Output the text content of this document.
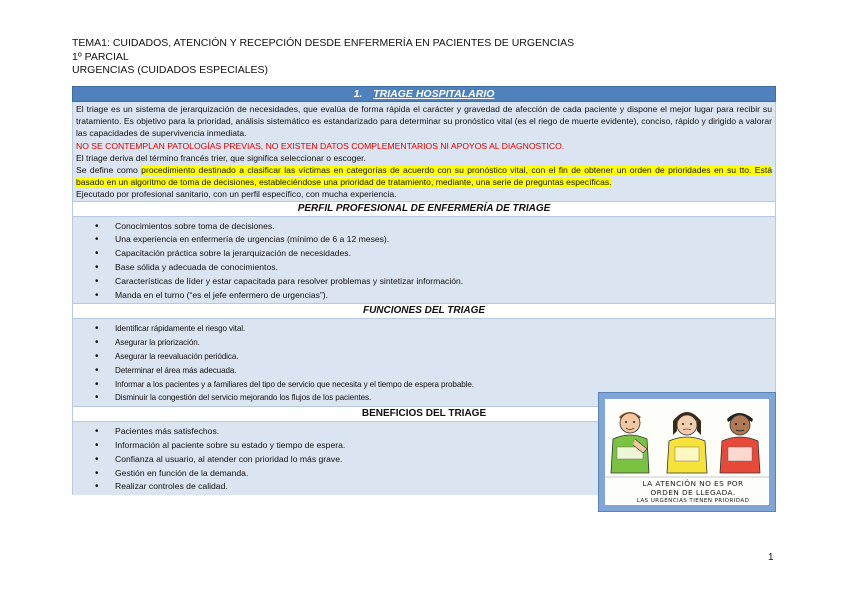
TEMA1: CUIDADOS, ATENCIÓN Y RECEPCIÓN DESDE ENFERMERÍA EN PACIENTES DE URGENCIAS
1º PARCIAL
URGENCIAS (CUIDADOS ESPECIALES)
1. TRIAGE HOSPITALARIO

El triage es un sistema de jerarquización de necesidades, que evalúa de forma rápida el carácter y gravedad de afección de cada paciente y dispone el mejor lugar para recibir su tratamiento. Es objetivo para la prioridad, análisis sistemático es estandarizado para determinar su pronóstico vital (es el riego de muerte evidente), conciso, rápido y dirigido a valorar las capacidades de supervivencia inmediata.

NO SE CONTEMPLAN PATOLOGÍAS PREVIAS, NO EXISTEN DATOS COMPLEMENTARIOS NI APOYOS AL DIAGNOSTICO.

El triage deriva del término francés trier, que significa seleccionar o escoger.

Se define como procedimiento destinado a clasificar las víctimas en categorías de acuerdo con su pronóstico vital, con el fin de obtener un orden de prioridades en su tto. Está basado en un algoritmo de toma de decisiones, estableciéndose una prioridad de tratamiento, mediante, una serie de preguntas específicas.

Ejecutado por profesional sanitario, con un perfil específico, con mucha experiencia.

PERFIL PROFESIONAL DE ENFERMERÍA DE TRIAGE
• Conocimientos sobre toma de decisiones.
• Una experiencia en enfermería de urgencias (mínimo de 6 a 12 meses).
• Capacitación práctica sobre la jerarquización de necesidades.
• Base sólida y adecuada de conocimientos.
• Características de líder y estar capacitada para resolver problemas y sintetizar información.
• Manda en el turno (“es el jefe enfermero de urgencias”).
FUNCIONES DEL TRIAGE
• Identificar rápidamente el riesgo vital.
• Asegurar la priorización.
• Asegurar la reevaluación periódica.
• Determinar el área más adecuada.
• Informar a los pacientes y a familiares del tipo de servicio que necesita y el tiempo de espera probable.
• Disminuir la congestión del servicio mejorando los flujos de los pacientes.
BENEFICIOS DEL TRIAGE
• Pacientes más satisfechos.
• Información al paciente sobre su estado y tiempo de espera.
• Confianza al usuario, al atender con prioridad lo más grave.
• Gestión en función de la demanda.
• Realizar controles de calidad.	LA ATENCIÓN NO ES POR
ORDEN DE LLEGADA.
LAS URGENCIAS TIENEN PRIORIDAD
1
